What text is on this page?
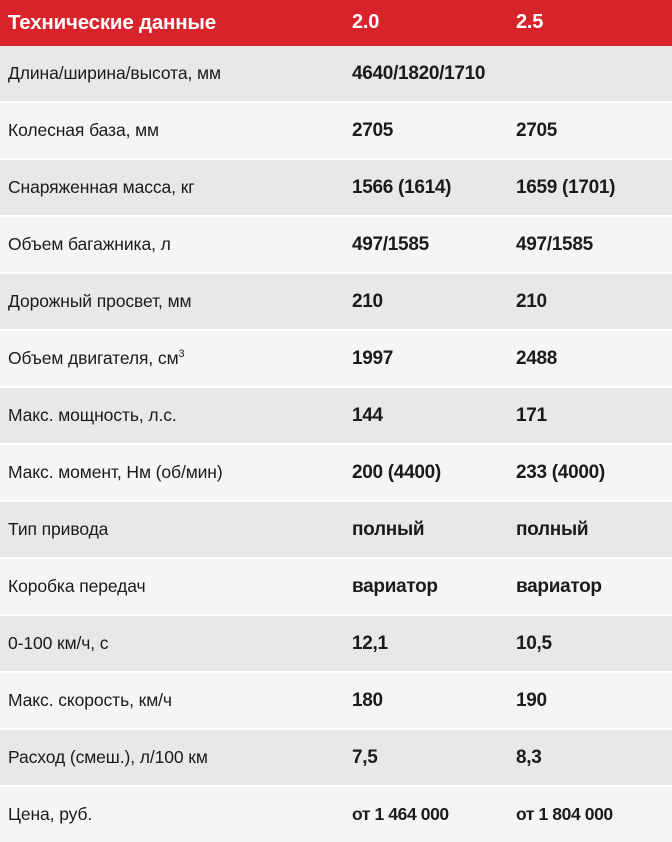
Технические данные	2.0	2.5
Длина/ширина/высота, мм	4640/1820/1710	
Колесная база, мм	2705	2705
Снаряженная масса, кг	1566 (1614)	1659 (1701)
Объем багажника, л	497/1585	497/1585
Дорожный просвет, мм	210	210
Объем двигателя, $см^3$	1997	2488
Макс. мощность, л.с.	144	171
Макс. момент, Нм (об/мин)	200 (4400)	233 (4000)
Тип привода	полный	полный
Коробка передач	вариатор	вариатор
0-100 км/ч, с	12,1	10,5
Макс. скорость, км/ч	180	190
Расход (смеш.), л/100 км	7,5	8,3
Цена, руб.	от 1 464 000	от 1 804 000
